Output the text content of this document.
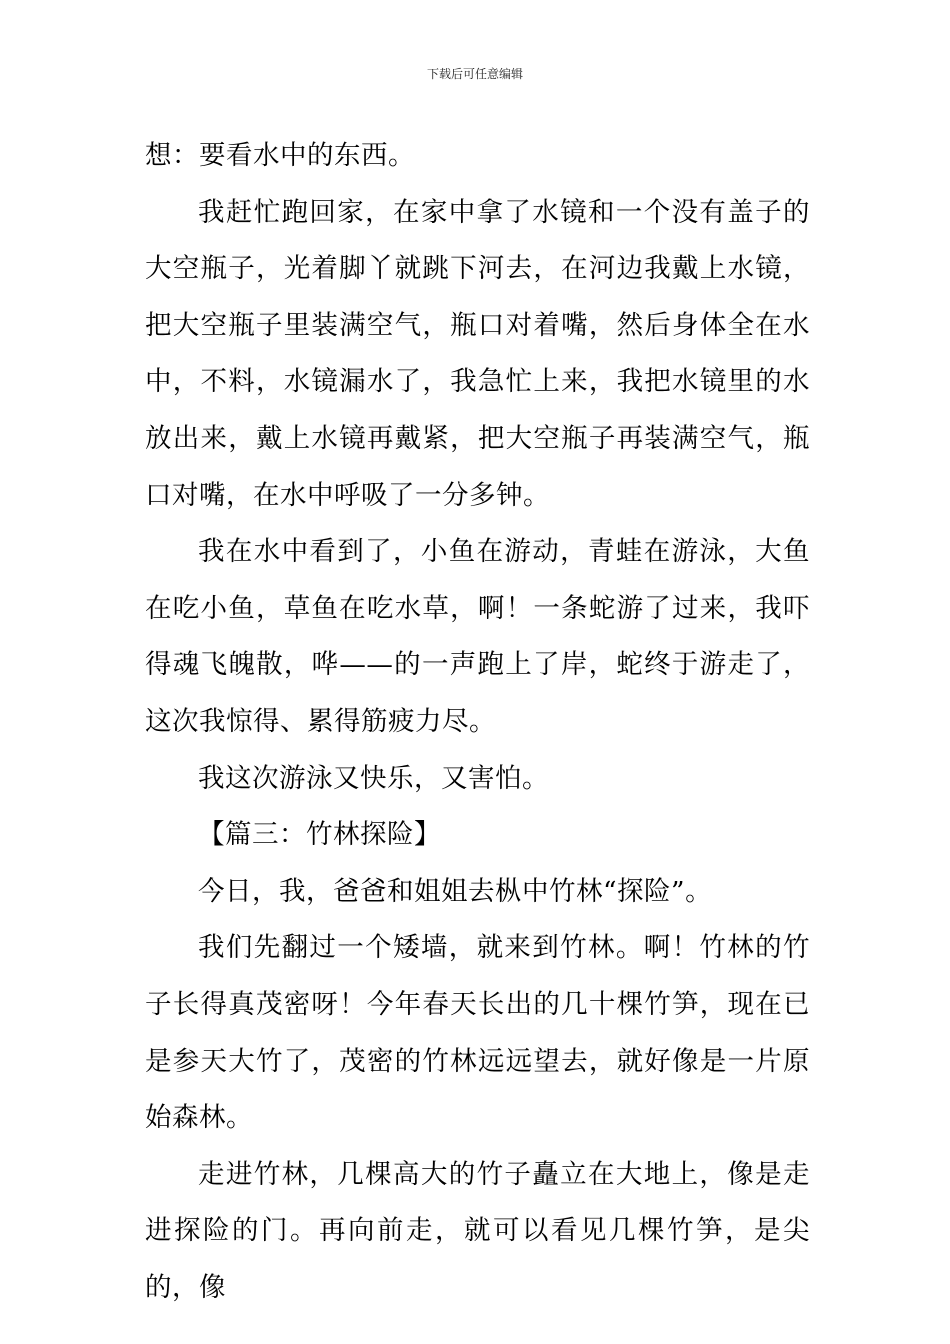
下载后可任意编辑

想：要看水中的东西。

我赶忙跑回家，在家中拿了水镜和一个没有盖子的大空瓶子，光着脚丫就跳下河去，在河边我戴上水镜，把大空瓶子里装满空气，瓶口对着嘴，然后身体全在水中，不料，水镜漏水了，我急忙上来，我把水镜里的水放出来，戴上水镜再戴紧，把大空瓶子再装满空气，瓶口对嘴，在水中呼吸了一分多钟。

我在水中看到了，小鱼在游动，青蛙在游泳，大鱼在吃小鱼，草鱼在吃水草，啊！一条蛇游了过来，我吓得魂飞魄散，哗——的一声跑上了岸，蛇终于游走了，这次我惊得、累得筋疲力尽。

我这次游泳又快乐，又害怕。

【篇三：竹林探险】

今日，我，爸爸和姐姐去枞中竹林“探险”。

我们先翻过一个矮墙，就来到竹林。啊！竹林的竹子长得真茂密呀！今年春天长出的几十棵竹笋，现在已是参天大竹了，茂密的竹林远远望去，就好像是一片原始森林。

走进竹林，几棵高大的竹子矗立在大地上，像是走进探险的门。再向前走，就可以看见几棵竹笋，是尖的，像
